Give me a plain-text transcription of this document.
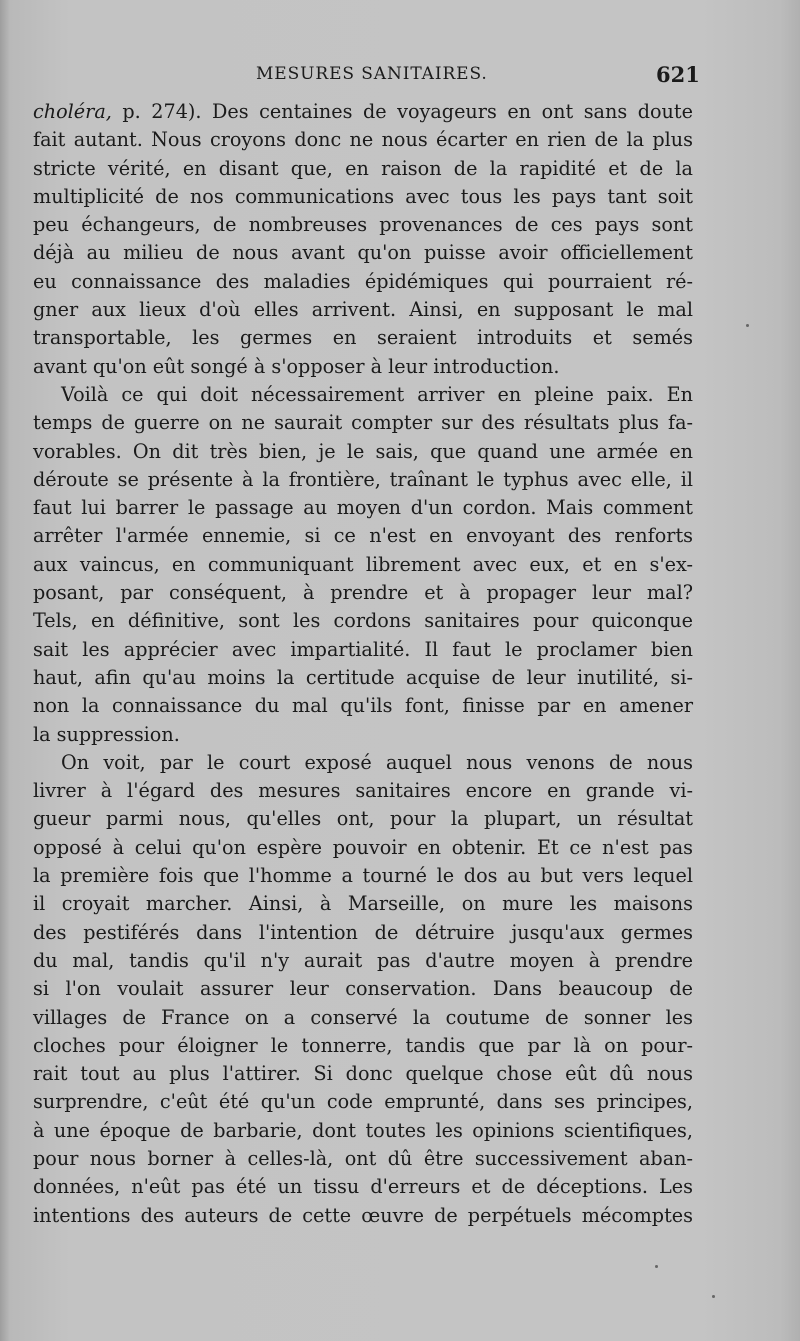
MESURES SANITAIRES.	621
choléra, p. 274). Des centaines de voyageurs en ont sans doute
fait autant. Nous croyons donc ne nous écarter en rien de la plus
stricte vérité, en disant que, en raison de la rapidité et de la
multiplicité de nos communications avec tous les pays tant soit
peu échangeurs, de nombreuses provenances de ces pays sont
déjà au milieu de nous avant qu'on puisse avoir officiellement
eu connaissance des maladies épidémiques qui pourraient ré-
gner aux lieux d'où elles arrivent. Ainsi, en supposant le mal
transportable, les germes en seraient introduits et semés
avant qu'on eût songé à s'opposer à leur introduction.
Voilà ce qui doit nécessairement arriver en pleine paix. En
temps de guerre on ne saurait compter sur des résultats plus fa-
vorables. On dit très bien, je le sais, que quand une armée en
déroute se présente à la frontière, traînant le typhus avec elle, il
faut lui barrer le passage au moyen d'un cordon. Mais comment
arrêter l'armée ennemie, si ce n'est en envoyant des renforts
aux vaincus, en communiquant librement avec eux, et en s'ex-
posant, par conséquent, à prendre et à propager leur mal?
Tels, en définitive, sont les cordons sanitaires pour quiconque
sait les apprécier avec impartialité. Il faut le proclamer bien
haut, afin qu'au moins la certitude acquise de leur inutilité, si-
non la connaissance du mal qu'ils font, finisse par en amener
la suppression.
On voit, par le court exposé auquel nous venons de nous
livrer à l'égard des mesures sanitaires encore en grande vi-
gueur parmi nous, qu'elles ont, pour la plupart, un résultat
opposé à celui qu'on espère pouvoir en obtenir. Et ce n'est pas
la première fois que l'homme a tourné le dos au but vers lequel
il croyait marcher. Ainsi, à Marseille, on mure les maisons
des pestiférés dans l'intention de détruire jusqu'aux germes
du mal, tandis qu'il n'y aurait pas d'autre moyen à prendre
si l'on voulait assurer leur conservation. Dans beaucoup de
villages de France on a conservé la coutume de sonner les
cloches pour éloigner le tonnerre, tandis que par là on pour-
rait tout au plus l'attirer. Si donc quelque chose eût dû nous
surprendre, c'eût été qu'un code emprunté, dans ses principes,
à une époque de barbarie, dont toutes les opinions scientifiques,
pour nous borner à celles-là, ont dû être successivement aban-
données, n'eût pas été un tissu d'erreurs et de déceptions. Les
intentions des auteurs de cette œuvre de perpétuels mécomptes
